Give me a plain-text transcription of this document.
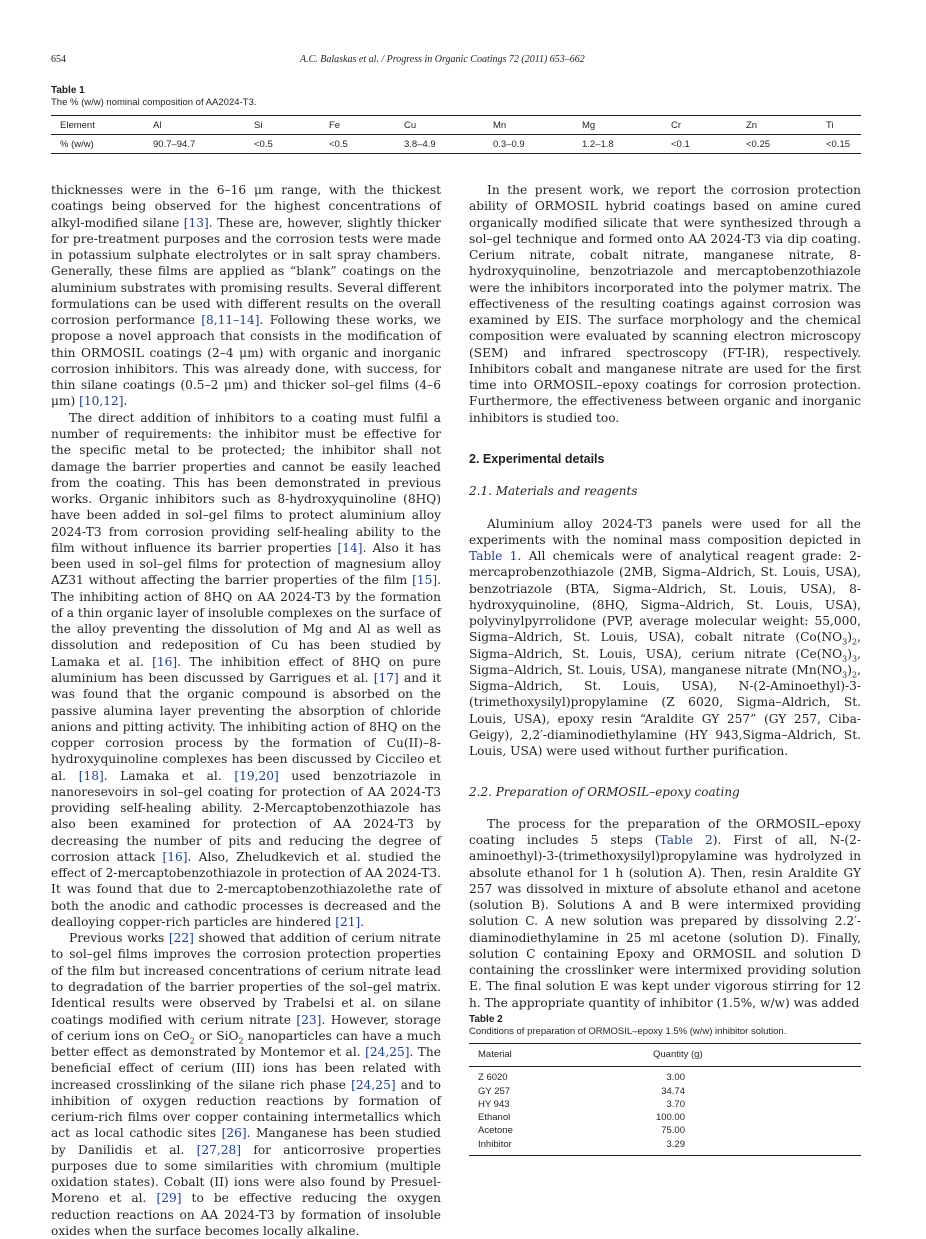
654	A.C. Balaskas et al. / Progress in Organic Coatings 72 (2011) 653–662
Table 1
The % (w/w) nominal composition of AA2024-T3.
Element	Al	Si	Fe	Cu	Mn	Mg	Cr	Zn	Ti
% (w/w)	90.7–94.7	<0.5	<0.5	3.8–4.9	0.3–0.9	1.2–1.8	<0.1	<0.25	<0.15

thicknesses were in the 6–16 μm range, with the thickest coatings being observed for the highest concentrations of alkyl-modified silane [13]. These are, however, slightly thicker for pre-treatment purposes and the corrosion tests were made in potassium sulphate electrolytes or in salt spray chambers. Generally, these films are applied as “blank” coatings on the aluminium substrates with promising results. Several different formulations can be used with different results on the overall corrosion performance [8,11–14]. Following these works, we propose a novel approach that consists in the modification of thin ORMOSIL coatings (2–4 μm) with organic and inorganic corrosion inhibitors. This was already done, with success, for thin silane coatings (0.5–2 μm) and thicker sol–gel films (4–6 μm) [10,12].

The direct addition of inhibitors to a coating must fulfil a number of requirements: the inhibitor must be effective for the specific metal to be protected; the inhibitor shall not damage the barrier properties and cannot be easily leached from the coating. This has been demonstrated in previous works. Organic inhibitors such as 8-hydroxyquinoline (8HQ) have been added in sol–gel films to protect aluminium alloy 2024-T3 from corrosion providing self-healing ability to the film without influence its barrier properties [14]. Also it has been used in sol–gel films for protection of magnesium alloy AZ31 without affecting the barrier properties of the film [15]. The inhibiting action of 8HQ on AA 2024-T3 by the formation of a thin organic layer of insoluble complexes on the surface of the alloy preventing the dissolution of Mg and Al as well as dissolution and redeposition of Cu has been studied by Lamaka et al. [16]. The inhibition effect of 8HQ on pure aluminium has been discussed by Garrigues et al. [17] and it was found that the organic compound is absorbed on the passive alumina layer preventing the absorption of chloride anions and pitting activity. The inhibiting action of 8HQ on the copper corrosion process by the formation of Cu(II)–8-hydroxyquinoline complexes has been discussed by Ciccileo et al. [18]. Lamaka et al. [19,20] used benzotriazole in nanoresevoirs in sol–gel coating for protection of AA 2024-T3 providing self-healing ability. 2-Mercaptobenzothiazole has also been examined for protection of AA 2024-T3 by decreasing the number of pits and reducing the degree of corrosion attack [16]. Also, Zheludkevich et al. studied the effect of 2-mercaptobenzothiazole in protection of AA 2024-T3. It was found that due to 2-mercaptobenzothiazolethe rate of both the anodic and cathodic processes is decreased and the dealloying copper-rich particles are hindered [21].

Previous works [22] showed that addition of cerium nitrate to sol–gel films improves the corrosion protection properties of the film but increased concentrations of cerium nitrate lead to degradation of the barrier properties of the sol–gel matrix. Identical results were observed by Trabelsi et al. on silane coatings modified with cerium nitrate [23]. However, storage of cerium ions on CeO$_2$ or SiO$_2$ nanoparticles can have a much better effect as demonstrated by Montemor et al. [24,25]. The beneficial effect of cerium (III) ions has been related with increased crosslinking of the silane rich phase [24,25] and to inhibition of oxygen reduction reactions by formation of cerium-rich films over copper containing intermetallics which act as local cathodic sites [26]. Manganese has been studied by Danilidis et al. [27,28] for anticorrosive properties purposes due to some similarities with chromium (multiple oxidation states). Cobalt (II) ions were also found by Presuel-Moreno et al. [29] to be effective reducing the oxygen reduction reactions on AA 2024-T3 by formation of insoluble oxides when the surface becomes locally alkaline.

In the present work, we report the corrosion protection ability of ORMOSIL hybrid coatings based on amine cured organically modified silicate that were synthesized through a sol–gel technique and formed onto AA 2024-T3 via dip coating. Cerium nitrate, cobalt nitrate, manganese nitrate, 8-hydroxyquinoline, benzotriazole and mercaptobenzothiazole were the inhibitors incorporated into the polymer matrix. The effectiveness of the resulting coatings against corrosion was examined by EIS. The surface morphology and the chemical composition were evaluated by scanning electron microscopy (SEM) and infrared spectroscopy (FT-IR), respectively. Inhibitors cobalt and manganese nitrate are used for the first time into ORMOSIL–epoxy coatings for corrosion protection. Furthermore, the effectiveness between organic and inorganic inhibitors is studied too.

2. Experimental details
2.1. Materials and reagents

Aluminium alloy 2024-T3 panels were used for all the experiments with the nominal mass composition depicted in Table 1. All chemicals were of analytical reagent grade: 2-mercaprobenzothiazole (2MB, Sigma–Aldrich, St. Louis, USA), benzotriazole (BTA, Sigma–Aldrich, St. Louis, USA), 8-hydroxyquinoline, (8HQ, Sigma–Aldrich, St. Louis, USA), polyvinylpyrrolidone (PVP, average molecular weight: 55,000, Sigma–Aldrich, St. Louis, USA), cobalt nitrate ($Co(NO_3)_2$, Sigma–Aldrich, St. Louis, USA), cerium nitrate ($Ce(NO_3)_3$, Sigma–Aldrich, St. Louis, USA), manganese nitrate ($Mn(NO_3)_2$, Sigma–Aldrich, St. Louis, USA), N-(2-Aminoethyl)-3-(trimethoxysilyl)propylamine (Z 6020, Sigma–Aldrich, St. Louis, USA), epoxy resin “Araldite GY 257” (GY 257, Ciba-Geigy), 2,2′-diaminodiethylamine (HY 943,Sigma–Aldrich, St. Louis, USA) were used without further purification.

2.2. Preparation of ORMOSIL–epoxy coating

The process for the preparation of the ORMOSIL–epoxy coating includes 5 steps (Table 2). First of all, N-(2-aminoethyl)-3-(trimethoxysilyl)propylamine was hydrolyzed in absolute ethanol for 1 h (solution A). Then, resin Araldite GY 257 was dissolved in mixture of absolute ethanol and acetone (solution B). Solutions A and B were intermixed providing solution C. A new solution was prepared by dissolving 2.2′-diaminodiethylamine in 25 ml acetone (solution D). Finally, solution C containing Epoxy and ORMOSIL and solution D containing the crosslinker were intermixed providing solution E. The final solution E was kept under vigorous stirring for 12 h. The appropriate quantity of inhibitor (1.5%, w/w) was added

Table 2
Conditions of preparation of ORMOSIL–epoxy 1.5% (w/w) inhibitor solution.
Material	Quantity (g)	
Z 6020	3.00	
GY 257	34.74	
HY 943	3.70	
Ethanol	100.00	
Acetone	75.00	
Inhibitor	3.29	
